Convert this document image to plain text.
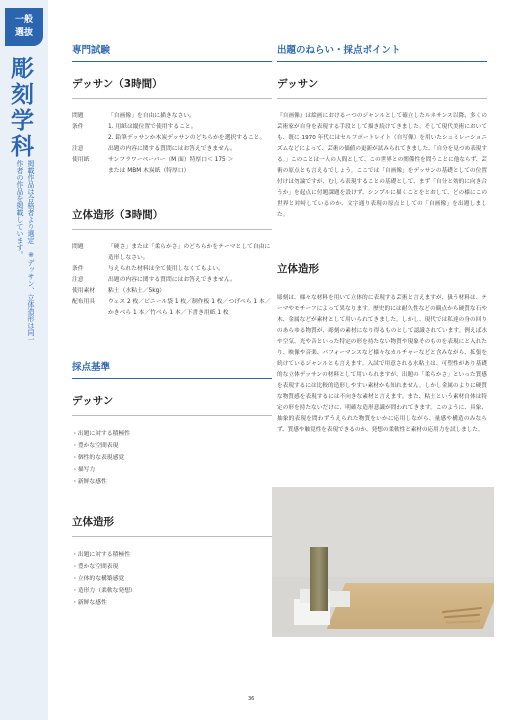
一般
選抜
彫刻学科
掲載作品は合格者より選定　※デッサン、立体造形は同一作者の作品を掲載しています。
専門試験
デッサン（3時間）
問題	「自画像」を自由に描きなさい。
条件	1. 用紙は縦位置で使用すること。
	2. 鉛筆デッサンか木炭デッサンのどちらかを選択すること。
注意	出題の内容に関する質問にはお答えできません。
使用紙	サンフラワーペーパー（M 面）特厚口＜ 175 ＞
	または MBM 木炭紙（特厚口）
立体造形（3時間）
問題	「硬さ」または「柔らかさ」のどちらかをテーマとして自由に造形しなさい。
条件	与えられた材料は全て使用しなくてもよい。
注意	出題の内容に関する質問にはお答えできません。
使用素材	粘土（水粘土／5kg）
配布用具	ウェス 2 枚／ビニール袋 1 枚／制作板 1 枚／つげべら 1 本／かきべら 1 本／竹べら 1 本／下書き用紙 1 枚
採点基準
デッサン
・ 出題に対する積極性
・ 豊かな空間表現
・ 個性的な表現感覚
・ 描写力
・ 新鮮な感性
立体造形
・ 出題に対する積極性
・ 豊かな空間表現
・ 立体的な構築感覚
・ 造形力（柔軟な発想）
・ 新鮮な感性
出題のねらい・採点ポイント
デッサン

『自画像』は絵画におけるーつのジャンルとして確立したルネサンス以降、多くの芸術家が自身を表現する手段として描き続けてきました。そして現代美術においても、既に 1970 年代にはセルフポートレイト（自写像）を用いたシュミレーショニズムなどによって、芸術の価値の更新が試みられてきました。「自分を見つめ表現する。」このことは一人の人間として、この世界との関係性を問うことに他ならず、芸術の原点とも言えるでしょう。ここでは「自画像」をデッサンの基礎としての位置付けは勿論ですが、むしろ表現することの基礎として、まず「自分と効的に向き合うか」を起点に付題課題を設けず、シンプルに描くことをとおして、どの様にこの世界と対峙しているのか、文字通り表現の原点としての「自画像」を出題しました。

立体造形

彫刻は、様々な材料を用いて立体的に表現する芸術と言えますが、扱う材料は、テーマやモチーフによって異なります。歴史的には耐久性などの観点から硬質な石や木、金属などが素材として用いられてきました。しかし、現代では私達の身の回りのあらゆる物質が、彫刻の素材になり得るものとして認識されています。例えば水や空気、光や音といった特定の形を持たない物質や現象そのものを表現にと入れたり、映像や音楽、パフォーマンスなど様々なカルチャーなどと含みながら、拡張を続けているジャンルとも言えます。入試で用意される水粘土は、可塑性があり基礎的な立体デッサンの材料として用いられますが、出題の「柔らかさ」といった質感を表現するには比較的造形しやすい素材かも知れません。しかし金属のよりに硬質な物質感を表現するには不向きな素材と言えます。また、粘土という素材自体は特定の形を持たないだけに、明確な造形意識が問われてきます。このように、具象、抽象的表現を問わずうえられた物質をいかに応用しながら、量感や構造のみならず、質感や触覚性を表現できるのか、発想の柔軟性と素材の応用力を試しました。

36
